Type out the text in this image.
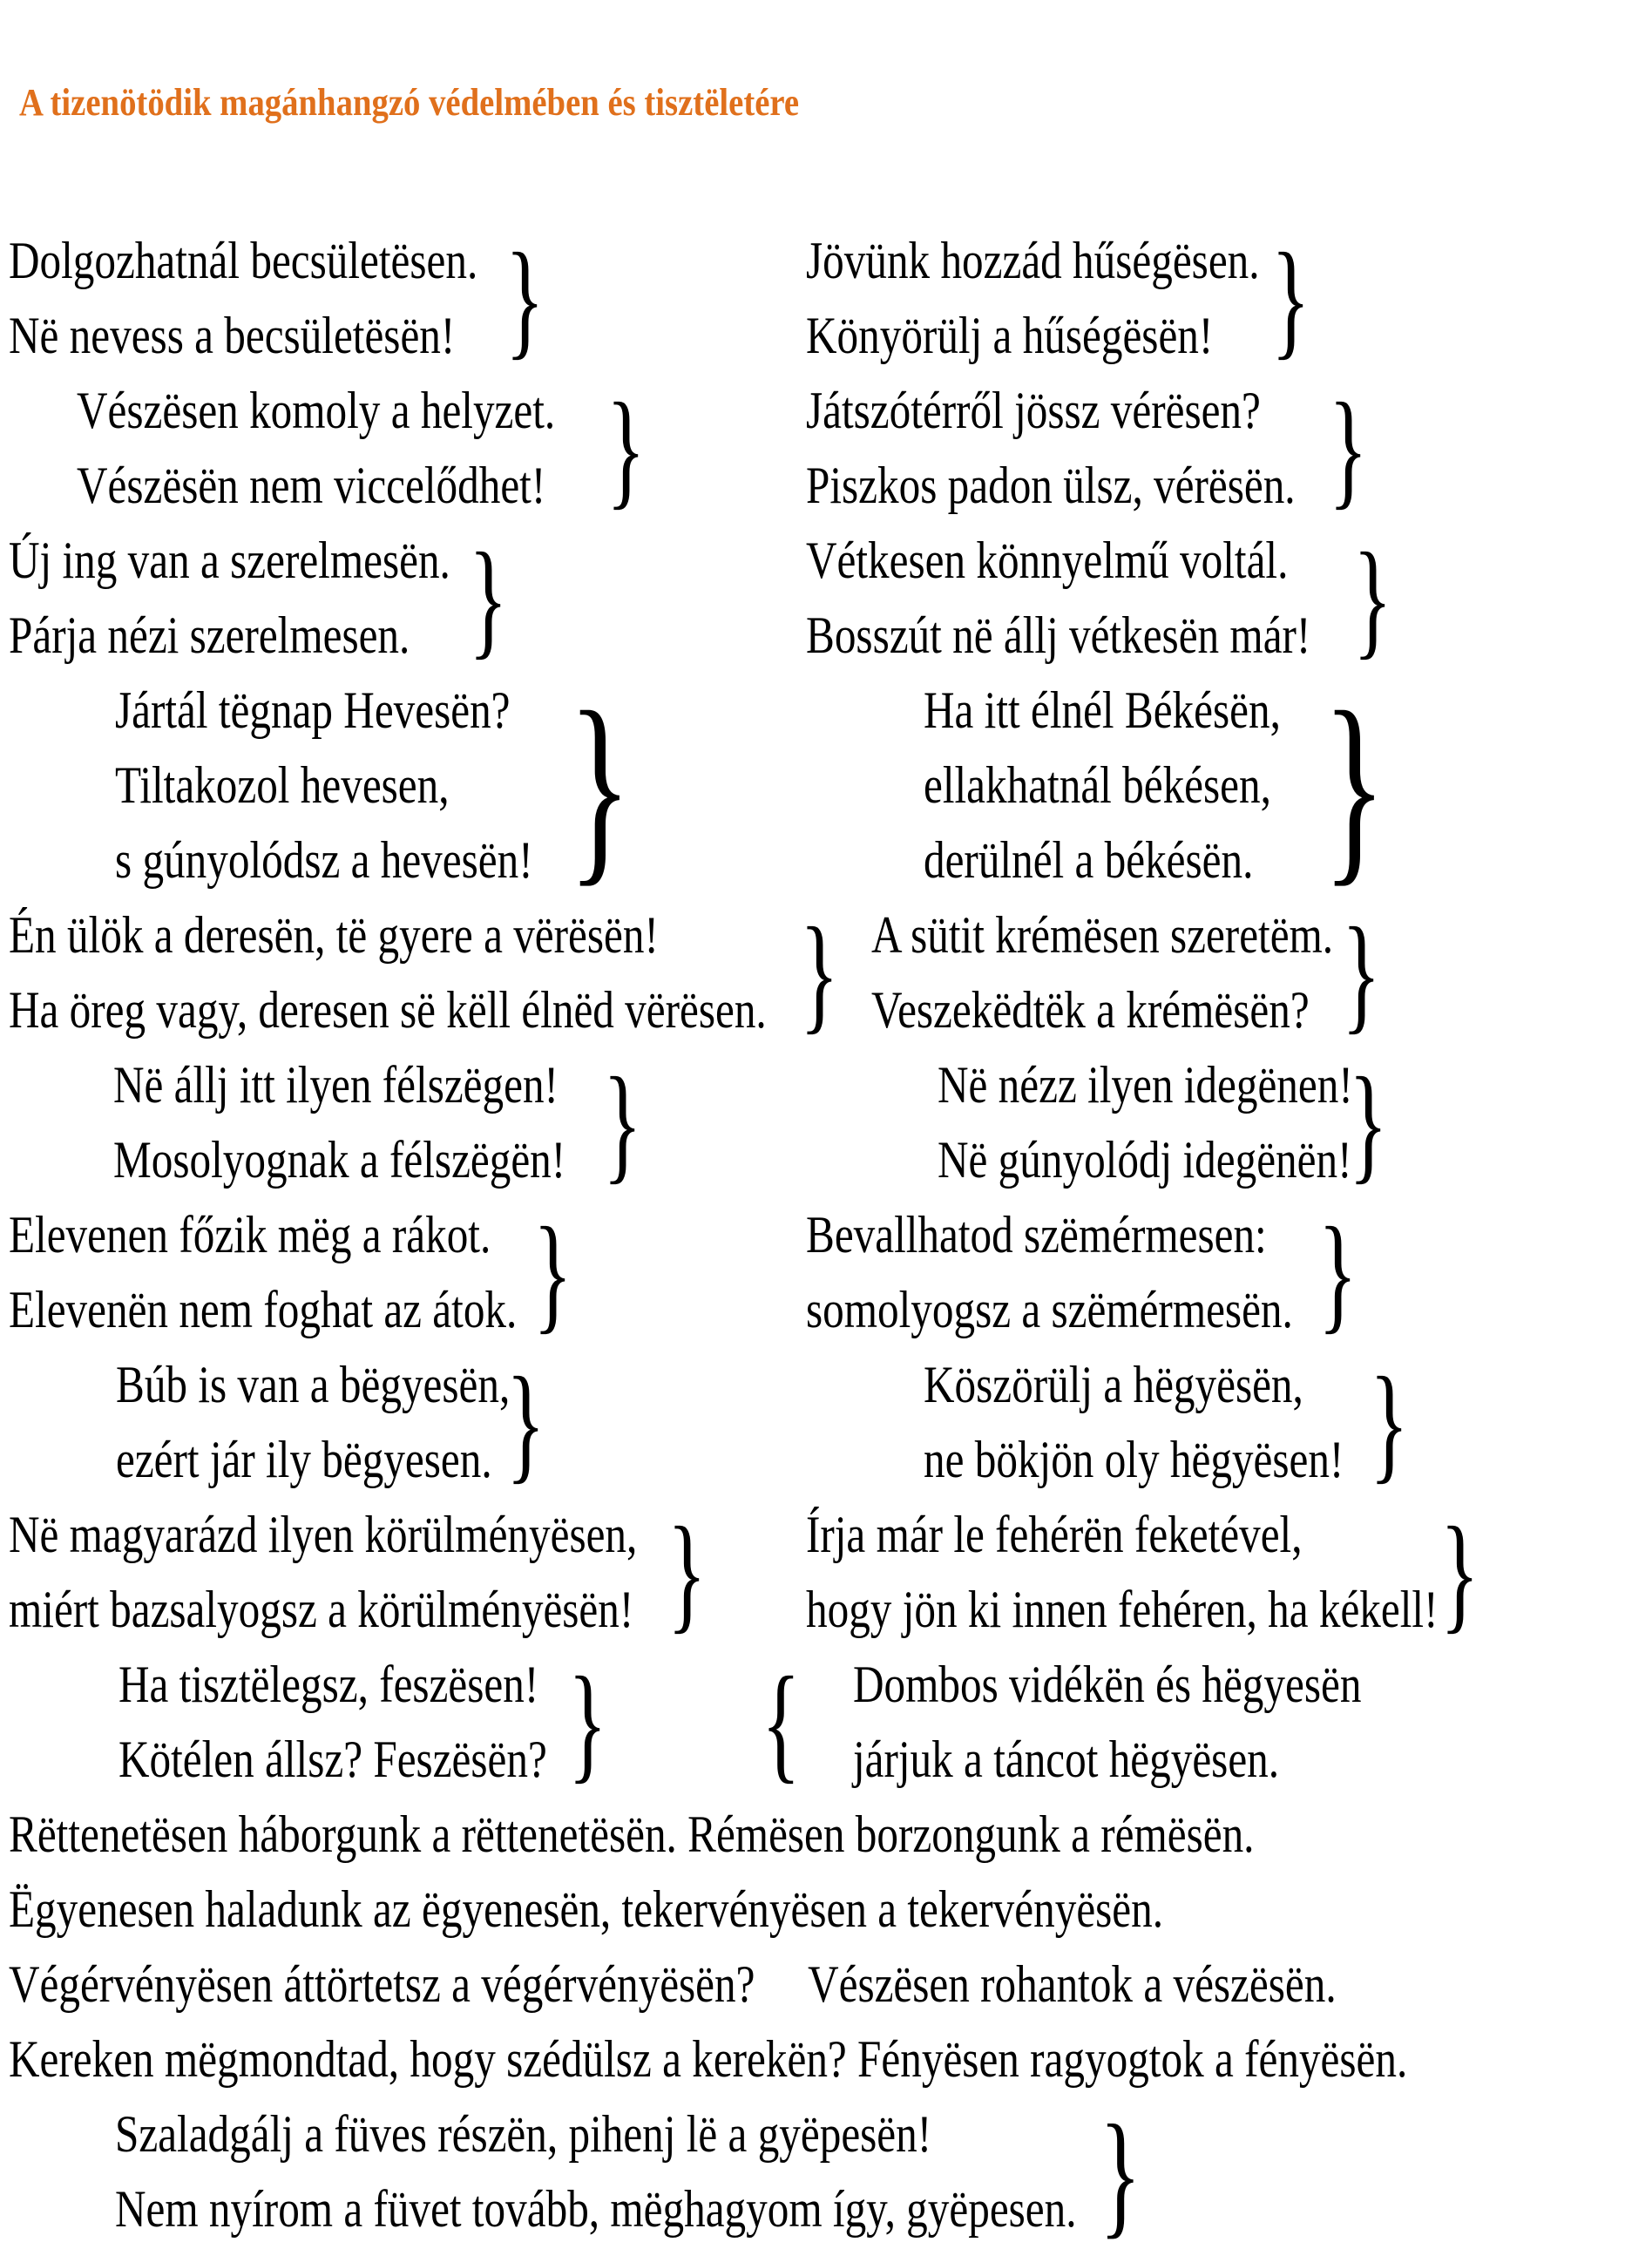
A tizenötödik magánhangzó védelmében és tisztëletére
Dolgozhatnál becsületësen.
Në nevess a becsületësën! }
Vészësen komoly a helyzet.
Vészësën nem viccelődhet! }
Új ing van a szerelmesën.
Párja nézi szerelmesen. }
Jártál tëgnap Hevesën?
Tiltakozol hevesen,
s gúnyolódsz a hevesën! }
Én ülök a deresën, të gyere a vërësën!
Ha öreg vagy, deresen së këll élnëd vërësen. }
Në állj itt ilyen félszëgen!
Mosolyognak a félszëgën! }
Elevenen főzik mëg a rákot.
Elevenën nem foghat az átok. }
Búb is van a bëgyesën,
ezért jár ily bëgyesen. }
Në magyarázd ilyen körülményësen,
miért bazsalyogsz a körülményësën! }
Ha tisztëlegsz, feszësen!
Kötélen állsz? Feszësën? }
Jövünk hozzád hűségësen.
Könyörülj a hűségësën! }
Játszótérről jössz vérësen?
Piszkos padon ülsz, vérësën. }
Vétkesen könnyelmű voltál.
Bosszút në állj vétkesën már! }
Ha itt élnél Békésën,
ellakhatnál békésen,
derülnél a békésën. }
A sütit krémësen szeretëm.
Veszekëdtëk a krémësën? }
Në nézz ilyen idegënen!
Në gúnyolódj idegënën!
}
Bevallhatod szëmérmesen:
somolyogsz a szëmérmesën. }
Köszörülj a hëgyësën,
ne bökjön oly hëgyësen! }
Írja már le fehérën feketével,
hogy jön ki innen fehéren, ha kékell! }
Dombos vidékën és hëgyesën
járjuk a táncot hëgyësen.
{
Rëttenetësen háborgunk a rëttenetësën. Rémësen borzongunk a rémësën.
Ëgyenesen haladunk az ëgyenesën, tekervényësen a tekervényësën.
Végérvényësen áttörtetsz a végérvényësën?     Vészësen rohantok a vészësën.
Kereken mëgmondtad, hogy szédülsz a kerekën? Fényësen ragyogtok a fényësën.
Szaladgálj a füves részën, pihenj lë a gyëpesën!
Nem nyírom a füvet tovább, mëghagyom így, gyëpesen. }
